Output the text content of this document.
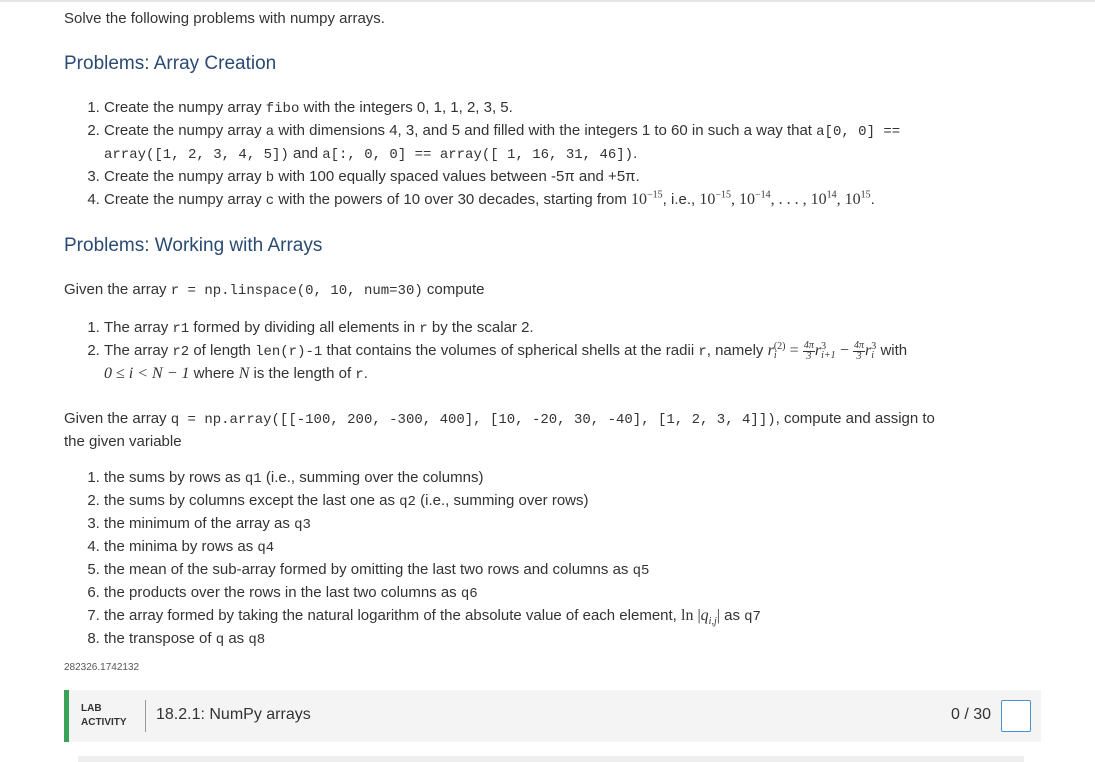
Solve the following problems with numpy arrays.
Problems: Array Creation
1. Create the numpy array fibo with the integers 0, 1, 1, 2, 3, 5.
2. Create the numpy array a with dimensions 4, 3, and 5 and filled with the integers 1 to 60 in such a way that a[0, 0] ==
array([1, 2, 3, 4, 5]) and a[:, 0, 0] == array([ 1, 16, 31, 46]).
3. Create the numpy array b with 100 equally spaced values between -5π and +5π.
4. Create the numpy array c with the powers of 10 over 30 decades, starting from $10^{-15}$, i.e., $10^{-15}$, $10^{-14}$, . . . , $10^{14}$, $10^{15}$.
Problems: Working with Arrays

Given the array r = np.linspace(0, 10, num=30) compute

1. The array r1 formed by dividing all elements in r by the scalar 2.
2. The array r2 of length len(r)-1 that contains the volumes of spherical shells at the radii r, namely r (2)
$i = \frac{4\pi}{3}$ r 3
$i+1 - \frac{4\pi}{3}$ r 3
i with
0 ≤ i < N − 1 where N is the length of r.

Given the array q = np.array([[-100, 200, -300, 400], [10, -20, 30, -40], [1, 2, 3, 4]]), compute and assign to
the given variable

1. the sums by rows as q1 (i.e., summing over the columns)
2. the sums by columns except the last one as q2 (i.e., summing over rows)
3. the minimum of the array as q3
4. the minima by rows as q4
5. the mean of the sub-array formed by omitting the last two rows and columns as q5
6. the products over the rows in the last two columns as q6
7. the array formed by taking the natural logarithm of the absolute value of each element, $\ln |q_{i,j}|$ as q7
8. the transpose of q as q8
282326.1742132
LAB
ACTIVITY 18.2.1: NumPy arrays	0 / 30
